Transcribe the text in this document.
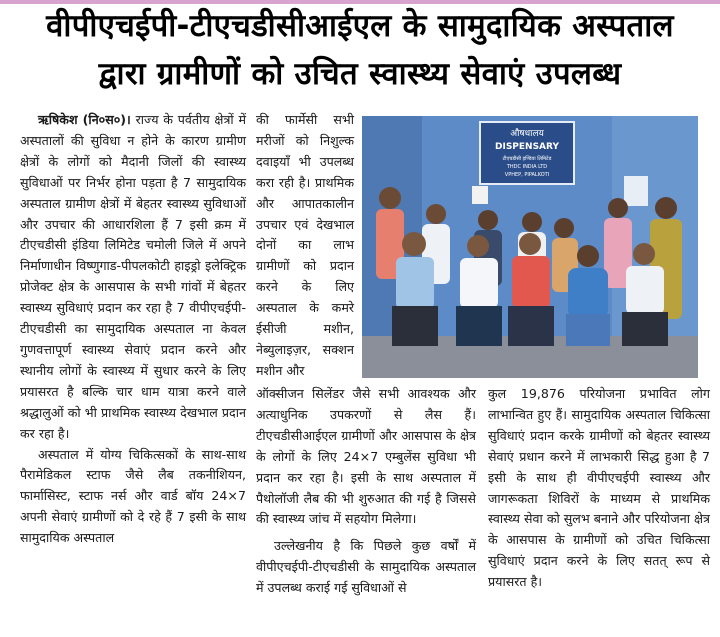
वीपीएचईपी-टीएचडीसीआईएल के सामुदायिक अस्पताल
द्वारा ग्रामीणों को उचित स्वास्थ्य सेवाएं उपलब्ध

ऋषिकेश (नि०स०)। राज्य के पर्वतीय क्षेत्रों में अस्पतालों की सुविधा न होने के कारण ग्रामीण क्षेत्रों के लोगों को मैदानी जिलों की स्वास्थ्य सुविधाओं पर निर्भर होना पड़ता है 7 सामुदायिक अस्पताल ग्रामीण क्षेत्रों में बेहतर स्वास्थ्य सुविधाओं और उपचार की आधारशिला हैं 7 इसी क्रम में टीएचडीसी इंडिया लिमिटेड चमोली जिले में अपने निर्माणाधीन विष्णुगाड-पीपलकोटी हाइड्रो इलेक्ट्रिक प्रोजेक्ट क्षेत्र के आसपास के सभी गांवों में बेहतर स्वास्थ्य सुविधाएं प्रदान कर रहा है 7 वीपीएचईपी-टीएचडीसी का सामुदायिक अस्पताल ना केवल गुणवत्तापूर्ण स्वास्थ्य सेवाएं प्रदान करने और स्थानीय लोगों के स्वास्थ्य में सुधार करने के लिए प्रयासरत है बल्कि चार धाम यात्रा करने वाले श्रद्धालुओं को भी प्राथमिक स्वास्थ्य देखभाल प्रदान कर रहा है।

अस्पताल में योग्य चिकित्सकों के साथ-साथ पैरामेडिकल स्टाफ जैसे लैब तकनीशियन, फार्मासिस्ट, स्टाफ नर्स और वार्ड बॉय 24×7 अपनी सेवाएं ग्रामीणों को दे रहे हैं 7 इसी के साथ सामुदायिक अस्पताल

की फार्मेसी सभी मरीजों को निशुल्क दवाइयाँ भी उपलब्ध करा रही है। प्राथमिक और आपातकालीन उपचार एवं देखभाल दोनों का लाभ ग्रामीणों को प्रदान करने के लिए अस्पताल के कमरे ईसीजी मशीन, नेब्युलाइज़र, सक्शन मशीन और

औषधालय
DISPENSARY
टीएचडीसी इण्डिया लिमिटेड
THDC INDIA LTD
VPHEP, PIPALKOTI

ऑक्सीजन सिलेंडर जैसे सभी आवश्यक और अत्याधुनिक उपकरणों से लैस हैं। टीएचडीसीआईएल ग्रामीणों और आसपास के क्षेत्र के लोगों के लिए 24×7 एम्बुलेंस सुविधा भी प्रदान कर रहा है। इसी के साथ अस्पताल में पैथोलॉजी लैब की भी शुरुआत की गई है जिससे की स्वास्थ्य जांच में सहयोग मिलेगा।

उल्लेखनीय है कि पिछले कुछ वर्षों में वीपीएचईपी-टीएचडीसी के सामुदायिक अस्पताल में उपलब्ध कराई गई सुविधाओं से

कुल 19,876 परियोजना प्रभावित लोग लाभान्वित हुए हैं। सामुदायिक अस्पताल चिकित्सा सुविधाएं प्रदान करके ग्रामीणों को बेहतर स्वास्थ्य सेवाएं प्रधान करने में लाभकारी सिद्ध हुआ है 7 इसी के साथ ही वीपीएचईपी स्वास्थ्य और जागरूकता शिविरों के माध्यम से प्राथमिक स्वास्थ्य सेवा को सुलभ बनाने और परियोजना क्षेत्र के आसपास के ग्रामीणों को उचित चिकित्सा सुविधाएं प्रदान करने के लिए सतत् रूप से प्रयासरत है।
